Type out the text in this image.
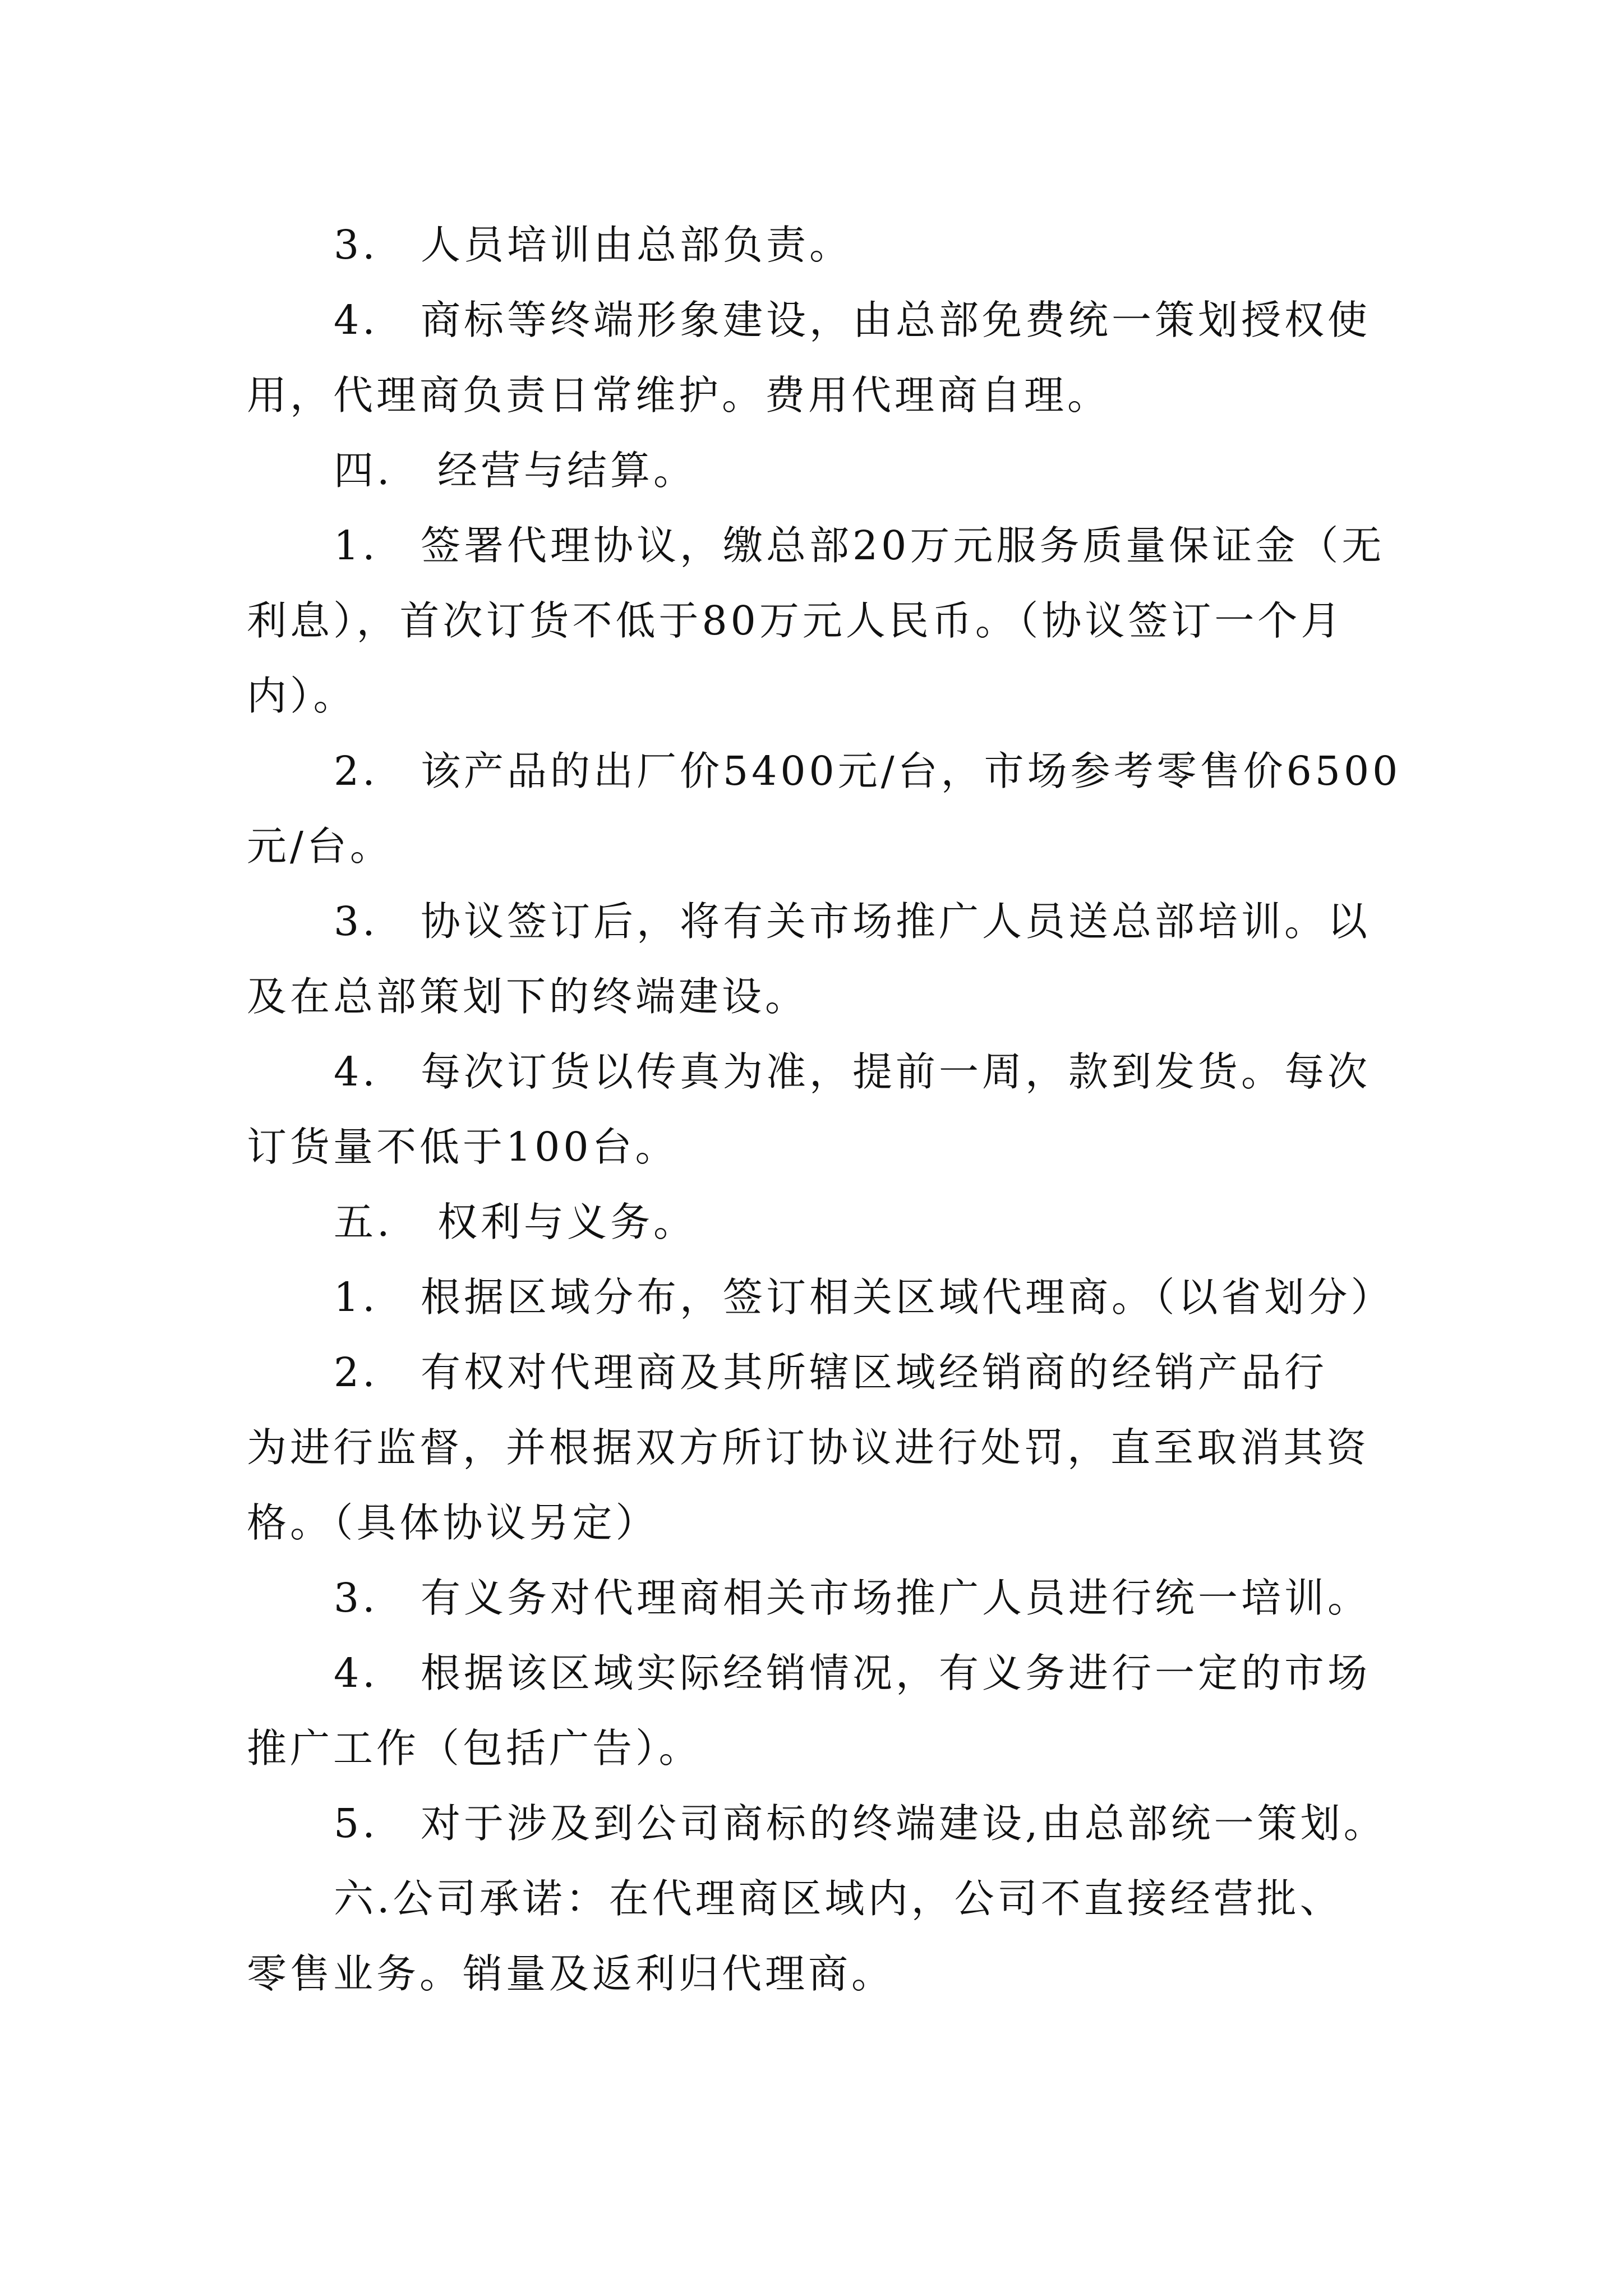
3. 人员培训由总部负责。
4. 商标等终端形象建设，由总部免费统一策划授权使
用，代理商负责日常维护。费用代理商自理。
四. 经营与结算。
1. 签署代理协议，缴总部20万元服务质量保证金（无
利息），首次订货不低于80万元人民币。（协议签订一个月
内）。
2. 该产品的出厂价5400元/台，市场参考零售价6500
元/台。
3. 协议签订后，将有关市场推广人员送总部培训。以
及在总部策划下的终端建设。
4. 每次订货以传真为准，提前一周，款到发货。每次
订货量不低于100台。
五. 权利与义务。
1. 根据区域分布，签订相关区域代理商。（以省划分）
2. 有权对代理商及其所辖区域经销商的经销产品行
为进行监督，并根据双方所订协议进行处罚，直至取消其资
格。（具体协议另定）
3. 有义务对代理商相关市场推广人员进行统一培训。
4. 根据该区域实际经销情况，有义务进行一定的市场
推广工作（包括广告）。
5. 对于涉及到公司商标的终端建设,由总部统一策划。
六.公司承诺：在代理商区域内，公司不直接经营批、
零售业务。销量及返利归代理商。
